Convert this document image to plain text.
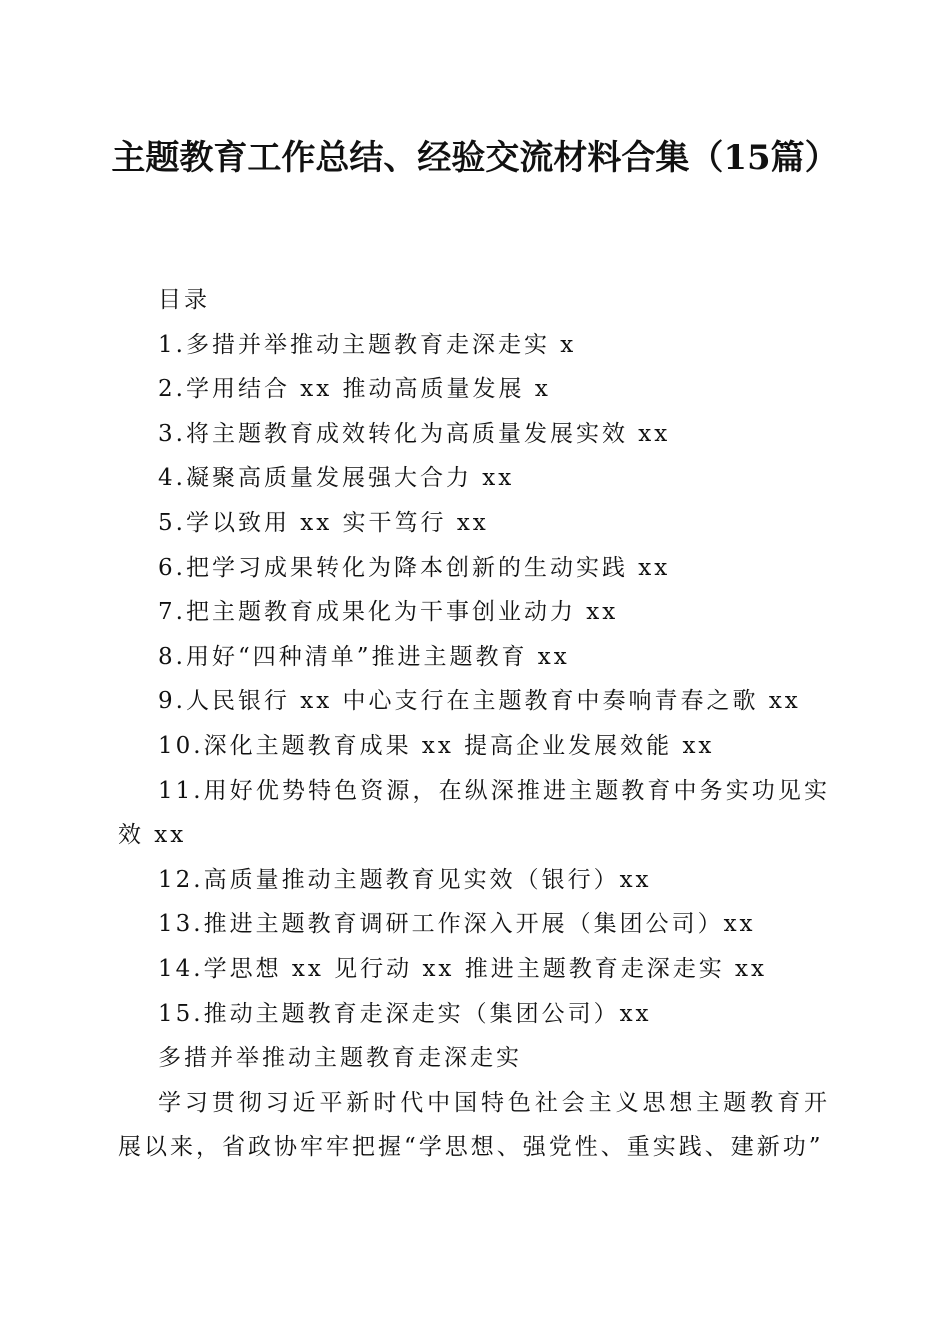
主题教育工作总结、经验交流材料合集（15篇）

目录

1.多措并举推动主题教育走深走实 x

2.学用结合 xx 推动高质量发展 x

3.将主题教育成效转化为高质量发展实效 xx

4.凝聚高质量发展强大合力 xx

5.学以致用 xx 实干笃行 xx

6.把学习成果转化为降本创新的生动实践 xx

7.把主题教育成果化为干事创业动力 xx

8.用好“四种清单”推进主题教育 xx

9.人民银行 xx 中心支行在主题教育中奏响青春之歌 xx

10.深化主题教育成果 xx 提高企业发展效能 xx

11.用好优势特色资源，在纵深推进主题教育中务实功见实效 xx

12.高质量推动主题教育见实效（银行）xx

13.推进主题教育调研工作深入开展（集团公司）xx

14.学思想 xx 见行动 xx 推进主题教育走深走实 xx

15.推动主题教育走深走实（集团公司）xx

多措并举推动主题教育走深走实

学习贯彻习近平新时代中国特色社会主义思想主题教育开展以来，省政协牢牢把握“学思想、强党性、重实践、建新功”
